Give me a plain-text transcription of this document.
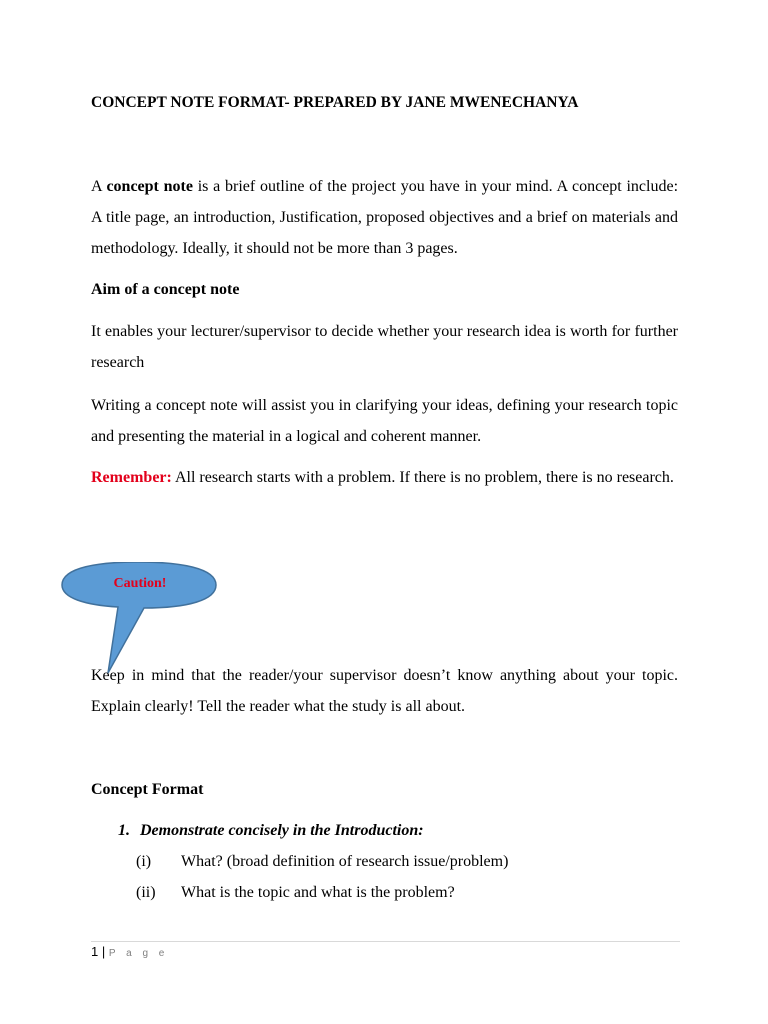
CONCEPT NOTE FORMAT- PREPARED BY JANE MWENECHANYA

A concept note is a brief outline of the project you have in your mind. A concept include: A title page, an introduction, Justification, proposed objectives and a brief on materials and methodology. Ideally, it should not be more than 3 pages.

Aim of a concept note

It enables your lecturer/supervisor to decide whether your research idea is worth for further research

Writing a concept note will assist you in clarifying your ideas, defining your research topic and presenting the material in a logical and coherent manner.

Remember: All research starts with a problem. If there is no problem, there is no research.

Caution!

Keep in mind that the reader/your supervisor doesn’t know anything about your topic. Explain clearly! Tell the reader what the study is all about.

Concept Format
1. Demonstrate concisely in the Introduction:
(i) What? (broad definition of research issue/problem)
(ii) What is the topic and what is the problem?
1 | P a g e
